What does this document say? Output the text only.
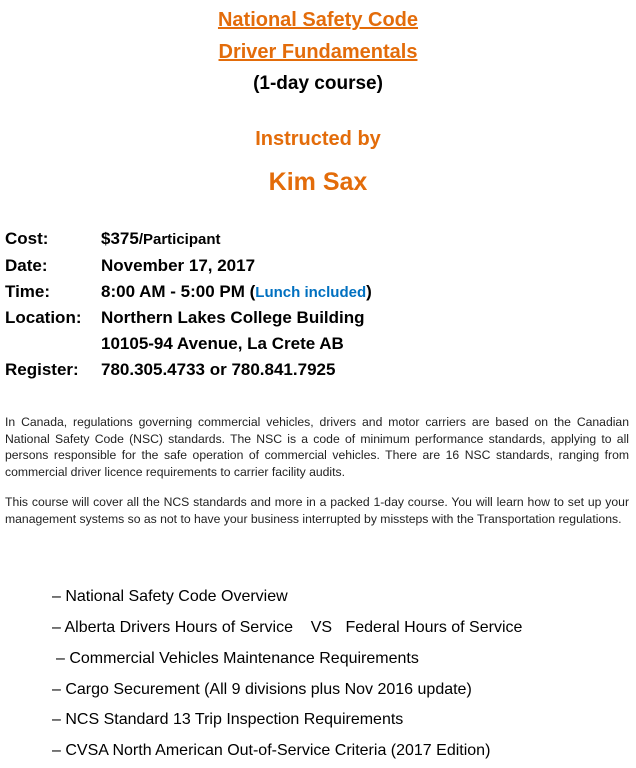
National Safety Code
Driver Fundamentals
(1-day course)
Instructed by
Kim Sax
Cost:	$375/Participant
Date:	November 17, 2017
Time:	8:00 AM - 5:00 PM (Lunch included)
Location: Northern Lakes College Building
10105-94 Avenue, La Crete AB
Register: 780.305.4733 or 780.841.7925
In Canada, regulations governing commercial vehicles, drivers and motor carriers are based on the Canadian National Safety Code (NSC) standards. The NSC is a code of minimum performance standards, applying to all persons responsible for the safe operation of commercial vehicles. There are 16 NSC standards, ranging from commercial driver licence requirements to carrier facility audits.
This course will cover all the NCS standards and more in a packed 1-day course. You will learn how to set up your management systems so as not to have your business interrupted by missteps with the Transportation regulations.
– National Safety Code Overview
– Alberta Drivers Hours of Service    VS   Federal Hours of Service
– Commercial Vehicles Maintenance Requirements
– Cargo Securement (All 9 divisions plus Nov 2016 update)
– NCS Standard 13 Trip Inspection Requirements
– CVSA North American Out-of-Service Criteria (2017 Edition)
